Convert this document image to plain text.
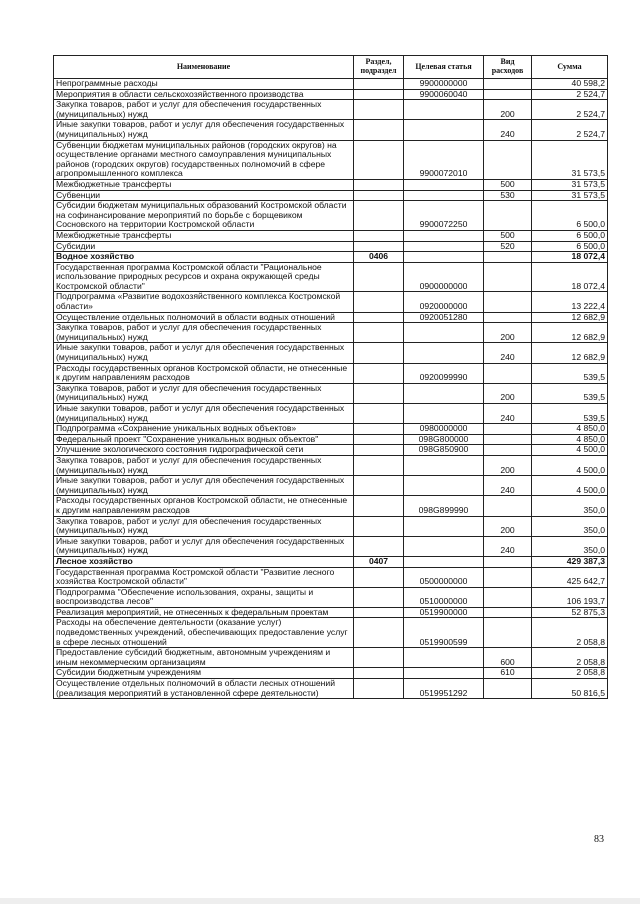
Наименование	Раздел, подраздел	Целевая статья	Вид расходов	Сумма
Непрограммные расходы		9900000000		40 598,2
Мероприятия в области сельскохозяйственного производства		9900060040		2 524,7
Закупка товаров, работ и услуг для обеспечения государственных (муниципальных) нужд			200	2 524,7
Иные закупки товаров, работ и услуг для обеспечения государственных (муниципальных) нужд			240	2 524,7
Субвенции бюджетам муниципальных районов (городских округов) на осуществление органами местного самоуправления муниципальных районов (городских округов) государственных полномочий в сфере агропромышленного комплекса		9900072010		31 573,5
Межбюджетные трансферты			500	31 573,5
Субвенции			530	31 573,5
Субсидии бюджетам муниципальных образований Костромской области на софинансирование мероприятий по борьбе с борщевиком Сосновского на территории Костромской области		9900072250		6 500,0
Межбюджетные трансферты			500	6 500,0
Субсидии			520	6 500,0
Водное хозяйство	0406			18 072,4
Государственная программа Костромской области "Рациональное использование природных ресурсов и охрана окружающей среды Костромской области"		0900000000		18 072,4
Подпрограмма «Развитие водохозяйственного комплекса Костромской области»		0920000000		13 222,4
Осуществление отдельных полномочий в области водных отношений		0920051280		12 682,9
Закупка товаров, работ и услуг для обеспечения государственных (муниципальных) нужд			200	12 682,9
Иные закупки товаров, работ и услуг для обеспечения государственных (муниципальных) нужд			240	12 682,9
Расходы государственных органов Костромской области, не отнесенные к другим направлениям расходов		0920099990		539,5
Закупка товаров, работ и услуг для обеспечения государственных (муниципальных) нужд			200	539,5
Иные закупки товаров, работ и услуг для обеспечения государственных (муниципальных) нужд			240	539,5
Подпрограмма «Сохранение уникальных водных объектов»		0980000000		4 850,0
Федеральный проект "Сохранение уникальных водных объектов"		098G800000		4 850,0
Улучшение экологического состояния гидрографической сети		098G850900		4 500,0
Закупка товаров, работ и услуг для обеспечения государственных (муниципальных) нужд			200	4 500,0
Иные закупки товаров, работ и услуг для обеспечения государственных (муниципальных) нужд			240	4 500,0
Расходы государственных органов Костромской области, не отнесенные к другим направлениям расходов		098G899990		350,0
Закупка товаров, работ и услуг для обеспечения государственных (муниципальных) нужд			200	350,0
Иные закупки товаров, работ и услуг для обеспечения государственных (муниципальных) нужд			240	350,0
Лесное хозяйство	0407			429 387,3
Государственная программа Костромской области "Развитие лесного хозяйства Костромской области"		0500000000		425 642,7
Подпрограмма "Обеспечение использования, охраны, защиты и воспроизводства лесов"		0510000000		106 193,7
Реализация мероприятий, не отнесенных к федеральным проектам		0519900000		52 875,3
Расходы на обеспечение деятельности (оказание услуг) подведомственных учреждений, обеспечивающих предоставление услуг в сфере лесных отношений		0519900599		2 058,8
Предоставление субсидий бюджетным, автономным учреждениям и иным некоммерческим организациям			600	2 058,8
Субсидии бюджетным учреждениям			610	2 058,8
Осуществление отдельных полномочий в области лесных отношений (реализация мероприятий в установленной сфере деятельности)		0519951292		50 816,5
83
